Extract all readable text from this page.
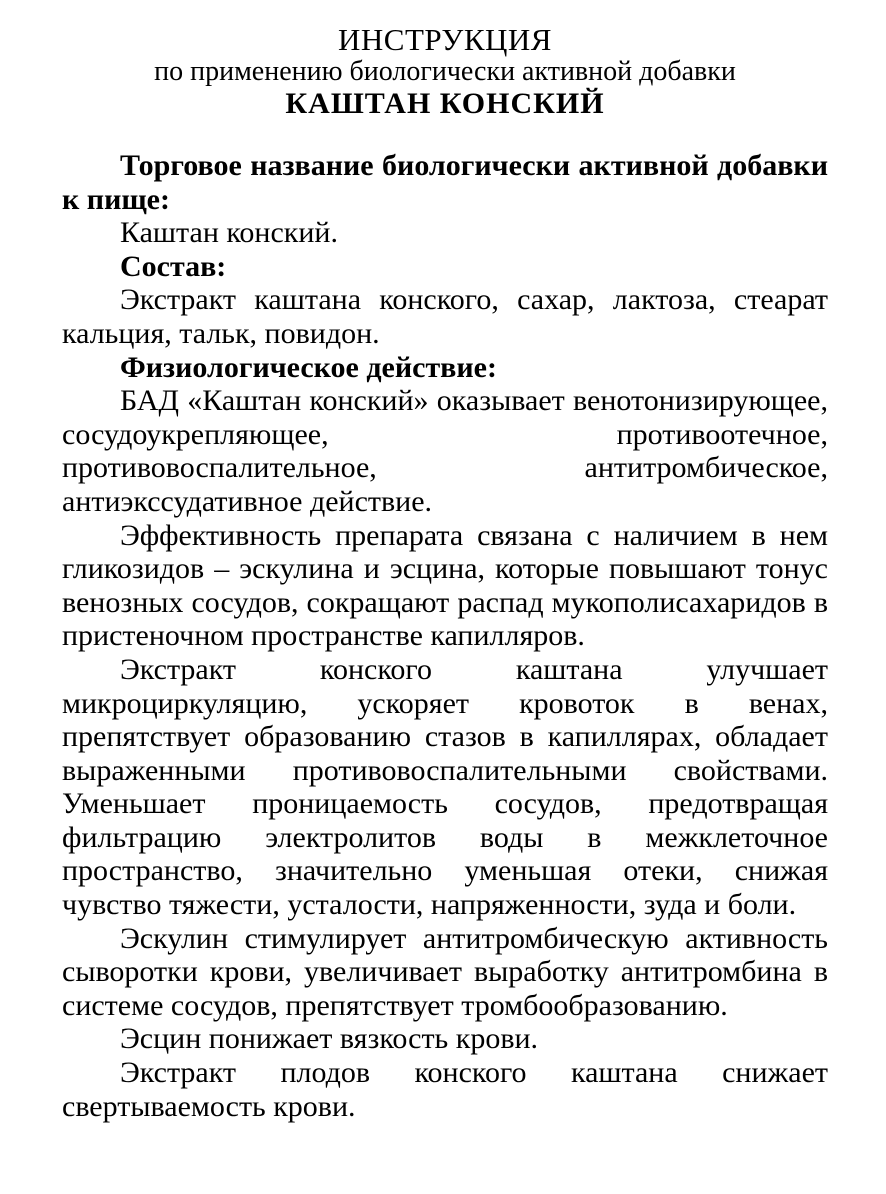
ИНСТРУКЦИЯ
по применению биологически активной добавки
КАШТАН КОНСКИЙ

Торговое название биологически активной добавки к пище:

Каштан конский.

Состав:

Экстракт каштана конского, сахар, лактоза, стеарат кальция, тальк, повидон.

Физиологическое действие:

БАД «Каштан конский» оказывает венотонизирующее, сосудоукрепляющее, противоотечное, противовоспалительное, антитромбическое, антиэкссудативное действие.

Эффективность препарата связана с наличием в нем гликозидов – эскулина и эсцина, которые повышают тонус венозных сосудов, сокращают распад мукополисахаридов в пристеночном пространстве капилляров.

Экстракт конского каштана улучшает микроциркуляцию, ускоряет кровоток в венах, препятствует образованию стазов в капиллярах, обладает выраженными противовоспалительными свойствами. Уменьшает проницаемость сосудов, предотвращая фильтрацию электролитов воды в межклеточное пространство, значительно уменьшая отеки, снижая чувство тяжести, усталости, напряженности, зуда и боли.

Эскулин стимулирует антитромбическую активность сыворотки крови, увеличивает выработку антитромбина в системе сосудов, препятствует тромбообразованию.

Эсцин понижает вязкость крови.

Экстракт плодов конского каштана снижает свертываемость крови.
